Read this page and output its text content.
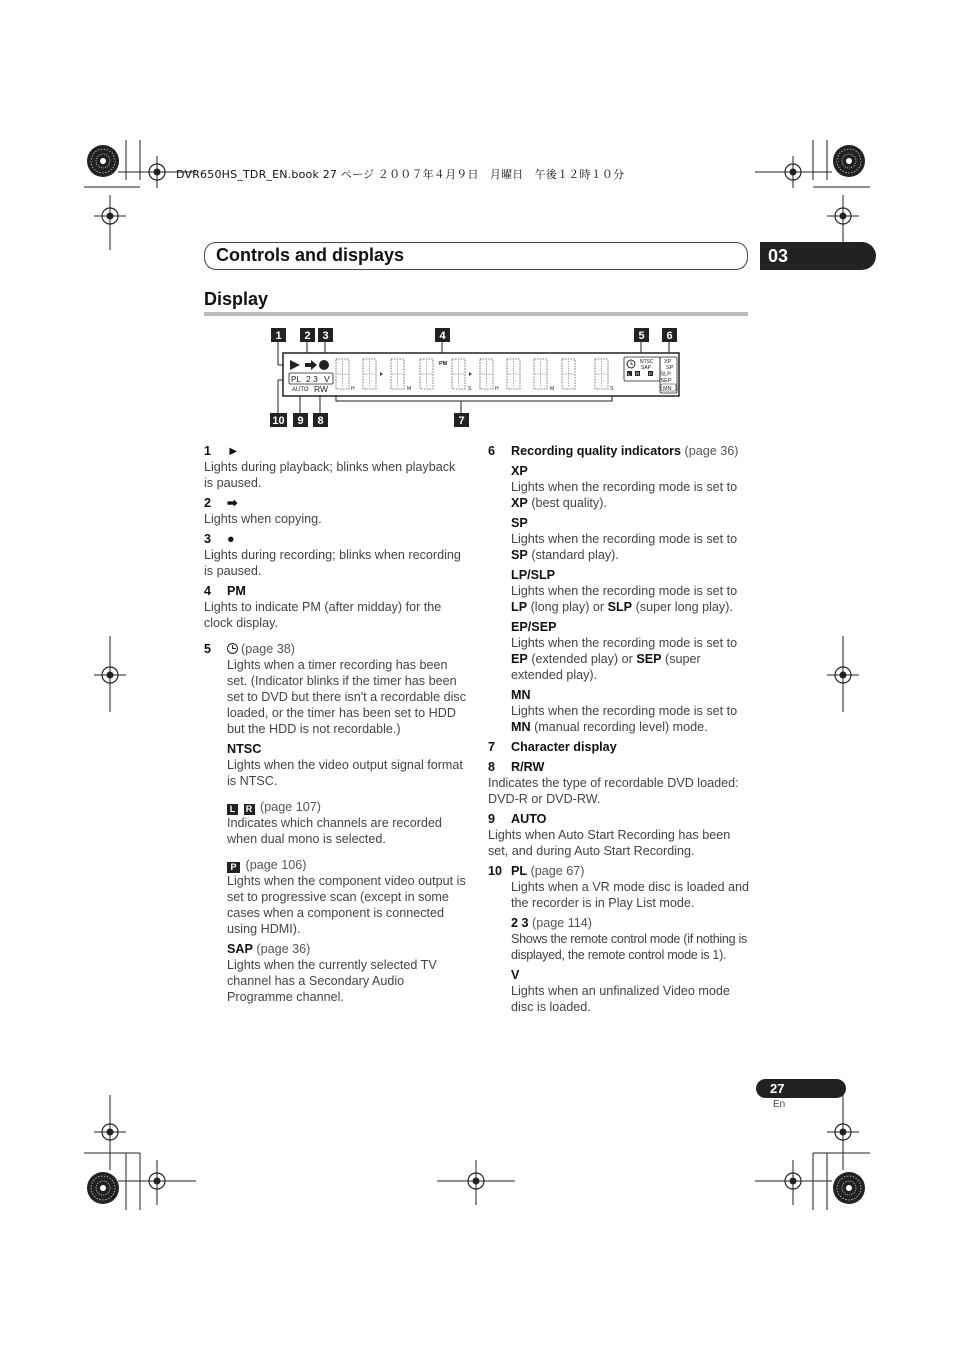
DVR650HS_TDR_EN.book 27 ページ ２００７年４月９日　月曜日　午後１２時１０分
Controls and displays	03
Display
1 2 3	4	5 6
10 9 8	7
PL 2 3 V
AUTO RW
PM
H	M	S	H	M	S
NTSC
SAP
L R P
XP
SP
SLP
SEP
MN

1 ►

Lights during playback; blinks when playback is paused.

2 ➡

Lights when copying.

3 ●

Lights during recording; blinks when recording is paused.

4 PM

Lights to indicate PM (after midday) for the clock display.

5 (page 38)

Lights when a timer recording has been set. (Indicator blinks if the timer has been set to DVD but there isn't a recordable disc loaded, or the timer has been set to HDD but the HDD is not recordable.)

NTSC

Lights when the video output signal format is NTSC.

L R (page 107)

Indicates which channels are recorded when dual mono is selected.

P (page 106)

Lights when the component video output is set to progressive scan (except in some cases when a component is connected using HDMI).

SAP (page 36)

Lights when the currently selected TV channel has a Secondary Audio Programme channel.

6 Recording quality indicators (page 36)

XP

Lights when the recording mode is set to XP (best quality).

SP

Lights when the recording mode is set to SP (standard play).

LP/SLP

Lights when the recording mode is set to LP (long play) or SLP (super long play).

EP/SEP

Lights when the recording mode is set to EP (extended play) or SEP (super extended play).

MN

Lights when the recording mode is set to MN (manual recording level) mode.

7 Character display

8 R/RW

Indicates the type of recordable DVD loaded: DVD-R or DVD-RW.

9 AUTO

Lights when Auto Start Recording has been set, and during Auto Start Recording.

10 PL (page 67)

Lights when a VR mode disc is loaded and the recorder is in Play List mode.

2 3 (page 114)

Shows the remote control mode (if nothing is displayed, the remote control mode is 1).

V

Lights when an unfinalized Video mode disc is loaded.

27
En
